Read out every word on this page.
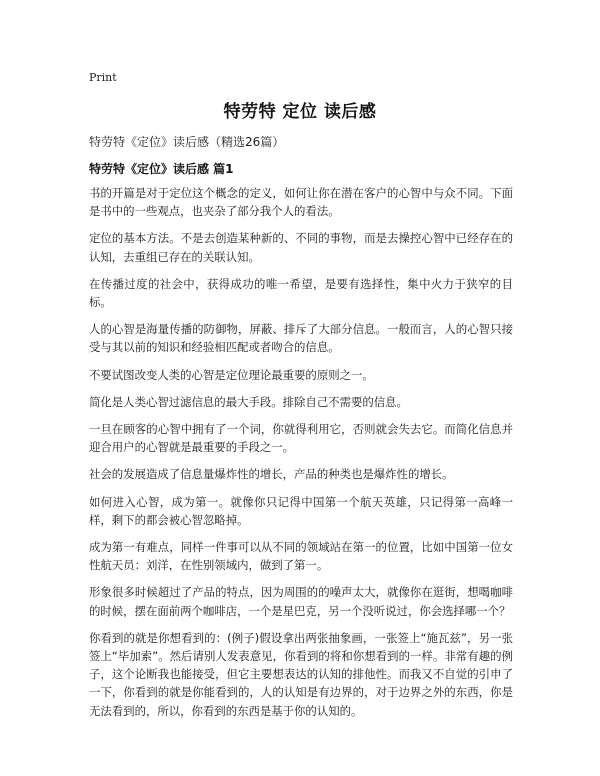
Print
特劳特 定位 读后感
特劳特《定位》读后感（精选26篇）
特劳特《定位》读后感 篇1

书的开篇是对于定位这个概念的定义，如何让你在潜在客户的心智中与众不同。下面是书中的一些观点，也夹杂了部分我个人的看法。

定位的基本方法。不是去创造某种新的、不同的事物，而是去操控心智中已经存在的认知，去重组已存在的关联认知。

在传播过度的社会中，获得成功的唯一希望，是要有选择性，集中火力于狭窄的目标。

人的心智是海量传播的防御物，屏蔽、排斥了大部分信息。一般而言，人的心智只接受与其以前的知识和经验相匹配或者吻合的信息。

不要试图改变人类的心智是定位理论最重要的原则之一。

简化是人类心智过滤信息的最大手段。排除自己不需要的信息。

一旦在顾客的心智中拥有了一个词，你就得利用它，否则就会失去它。而简化信息并迎合用户的心智就是最重要的手段之一。

社会的发展造成了信息量爆炸性的增长，产品的种类也是爆炸性的增长。

如何进入心智，成为第一。就像你只记得中国第一个航天英雄，只记得第一高峰一样，剩下的都会被心智忽略掉。

成为第一有难点，同样一件事可以从不同的领域站在第一的位置，比如中国第一位女性航天员：刘洋，在性别领域内，做到了第一。

形象很多时候超过了产品的特点，因为周围的的噪声太大，就像你在逛街，想喝咖啡的时候，摆在面前两个咖啡店，一个是星巴克，另一个没听说过，你会选择哪一个？

你看到的就是你想看到的：(例子)假设拿出两张抽象画，一张签上“施瓦兹”，另一张签上“毕加索”。然后请别人发表意见，你看到的将和你想看到的一样。非常有趣的例子，这个论断我也能接受，但它主要想表达的认知的排他性。而我又不自觉的引申了一下，你看到的就是你能看到的，人的认知是有边界的，对于边界之外的东西，你是无法看到的，所以，你看到的东西是基于你的认知的。
